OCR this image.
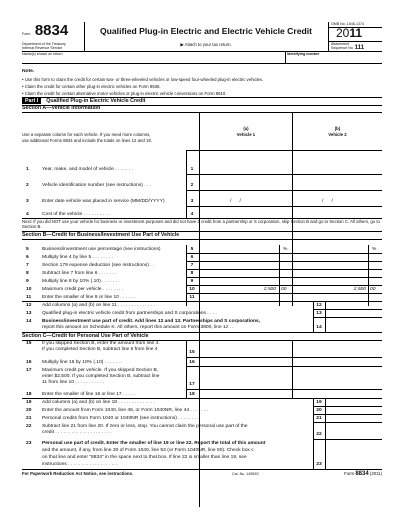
Form 8834
Department of the Treasury
Internal Revenue Service
Qualified Plug-in Electric and Electric Vehicle Credit
▶ Attach to your tax return.
OMB No. 1545-1374
2011
Attachment
Sequence No. 111
Name(s) shown on return	Identifying number
Note.
• Use this form to claim the credit for certain two- or three-wheeled vehicles or low-speed four-wheeled plug-in electric vehicles.
• Claim the credit for certain other plug-in electric vehicles on Form 8936.
• Claim the credit for certain alternative motor vehicles or plug-in electric vehicle conversions on Form 8910.
Part I Qualified Plug-in Electric Vehicle Credit
Section A—Vehicle Information
Use a separate column for each vehicle. If you need more columns,
use additional Forms 8834 and include the totals on lines 12 and 19.
(a)
Vehicle 1
(b)
Vehicle 2
1	Year, make, and model of vehicle . . . . . . .	1
2	Vehicle identification number (see instructions) . . .	2
3	Enter date vehicle was placed in service (MM/DD/YYYY)	3	/      /	/      /
4	Cost of the vehicle . . . . . . . . . .	4
Next: If you did NOT use your vehicle for business or investment purposes and did not have a credit from a partnership or S corporation, skip Section B and go to Section C. All others, go to Section B.
Section B—Credit for Business/Investment Use Part of Vehicle
5	Business/investment use percentage (see instructions)	5	%	%
6	Multiply line 4 by line 5 . . . . . . . .	6
7	Section 179 expense deduction (see instructions) . .	7
8	Subtract line 7 from line 6 . . . . . . .	8
9	Multiply line 8 by 10% (.10) . . . . . . .	9
10	Maximum credit per vehicle . . . . . . . .	10	2,500 00	2,500 00
11	Enter the smaller of line 9 or line 10 . . . . . .	11
12	Add columns (a) and (b) on line 11 . . . . . . . . . . . . . .	12
13	Qualified plug-in electric vehicle credit from partnerships and S corporations . . . .	13
14	Business/investment use part of credit. Add lines 12 and 13. Partnerships and S corporations,
report this amount on Schedule K. All others, report this amount on Form 3800, line 1z . .	14
Section C—Credit for Personal Use Part of Vehicle
15	If you skipped Section B, enter the amount from line 4.
If you completed Section B, subtract line 6 from line 4
15
16	Multiply line 15 by 10% (.10) . . . . . . .	16
17	Maximum credit per vehicle. If you skipped Section B,
enter $2,500. If you completed Section B, subtract line
11 from line 10 . . . . . . . . . . .	17
18	Enter the smaller of line 16 or line 17 . . . . .	18
19	Add columns (a) and (b) on line 18 . . . . . . . . . . . . . .	19
20	Enter the amount from Form 1040, line 46, or Form 1040NR, line 44 . . . . . . .	20
21	Personal credits from Form 1040 or 1040NR (see instructions) . . . . . . . .	21
22	Subtract line 21 from line 20. If zero or less, stop. You cannot claim the personal use part of the
credit . . . . . . . . . . . . . . . . . . . . .	22
23	Personal use part of credit. Enter the smaller of line 19 or line 22. Report the total of this amount
and the amount, if any, from line 30 of Form 1040, line 53 (or Form 1040NR, line 50). Check box c
on that line and enter "8834" in the space next to that box. If line 22 is smaller than line 19, see
instructions . . . . . . . . . . . . . . . . . . .	23
For Paperwork Reduction Act Notice, see instructions.	Cat. No. 14953G	Form 8834 (2011)
